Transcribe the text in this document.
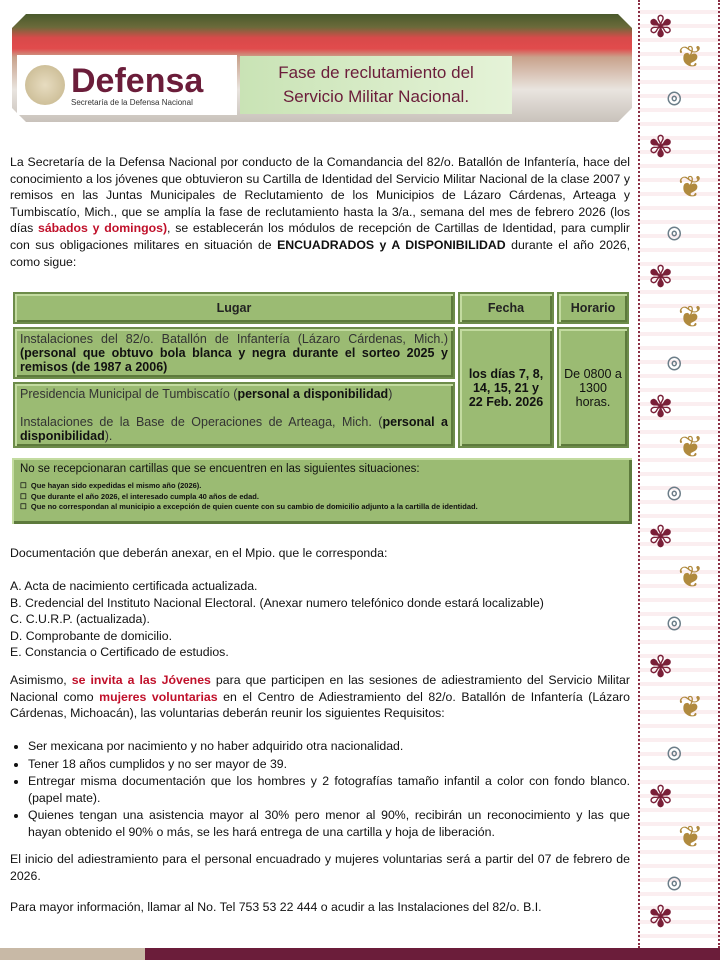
Defensa
Secretaría de la Defensa Nacional
Fase de reclutamiento del
Servicio Militar Nacional.
✾
❦
ၜ
✾
❦
ၜ
✾
❦
ၜ
✾
❦
ၜ
✾
❦
ၜ
✾
❦
ၜ
✾
❦
ၜ
✾
La Secretaría de la Defensa Nacional por conducto de la Comandancia del 82/o. Batallón de Infantería, hace del conocimiento a los jóvenes que obtuvieron su Cartilla de Identidad del Servicio Militar Nacional de la clase 2007 y remisos en las Juntas Municipales de Reclutamiento de los Municipios de Lázaro Cárdenas, Arteaga y Tumbiscatío, Mich., que se amplía la fase de reclutamiento hasta la 3/a., semana del mes de febrero 2026 (los días sábados y domingos), se establecerán los módulos de recepción de Cartillas de Identidad, para cumplir con sus obligaciones militares en situación de ENCUADRADOS y A DISPONIBILIDAD durante el año 2026, como sigue:
Lugar	Fecha	Horario
Instalaciones del 82/o. Batallón de Infantería (Lázaro Cárdenas, Mich.) (personal que obtuvo bola blanca y negra durante el sorteo 2025 y remisos (de 1987 a 2006)	los días 7, 8, 14, 15, 21 y 22 Feb. 2026	De 0800 a 1300 horas.

Presidencia Municipal de Tumbiscatío (personal a disponibilidad)
Instalaciones de la Base de Operaciones de Arteaga, Mich. (personal a disponibilidad).		
No se recepcionaran cartillas que se encuentren en las siguientes situaciones:
☐  Que hayan sido expedidas el mismo año (2026).
☐  Que durante el año 2026, el interesado cumpla 40 años de edad.
☐  Que no correspondan al municipio a excepción de quien cuente con su cambio de domicilio adjunto a la cartilla de identidad.
Documentación que deberán anexar, en el Mpio. que le corresponda:
A. Acta de nacimiento certificada actualizada.
B. Credencial del Instituto Nacional Electoral. (Anexar numero telefónico donde estará localizable)
C. C.U.R.P. (actualizada).
D. Comprobante de domicilio.
E. Constancia o Certificado de estudios.
Asimismo, se invita a las Jóvenes para que participen en las sesiones de adiestramiento del Servicio Militar Nacional como mujeres voluntarias en el Centro de Adiestramiento del 82/o. Batallón de Infantería (Lázaro Cárdenas, Michoacán), las voluntarias deberán reunir los siguientes Requisitos:
• Ser mexicana por nacimiento y no haber adquirido otra nacionalidad.
• Tener 18 años cumplidos y no ser mayor de 39.
• Entregar misma documentación que los hombres y 2 fotografías tamaño infantil a color con fondo blanco. (papel mate).
• Quienes tengan una asistencia mayor al 30% pero menor al 90%, recibirán un reconocimiento y las que hayan obtenido el 90% o más, se les hará entrega de una cartilla y hoja de liberación.
El inicio del adiestramiento para el personal encuadrado y mujeres voluntarias será a partir del 07 de febrero de 2026.
Para mayor información, llamar al No. Tel 753 53 22 444 o acudir a las Instalaciones del 82/o. B.I.
